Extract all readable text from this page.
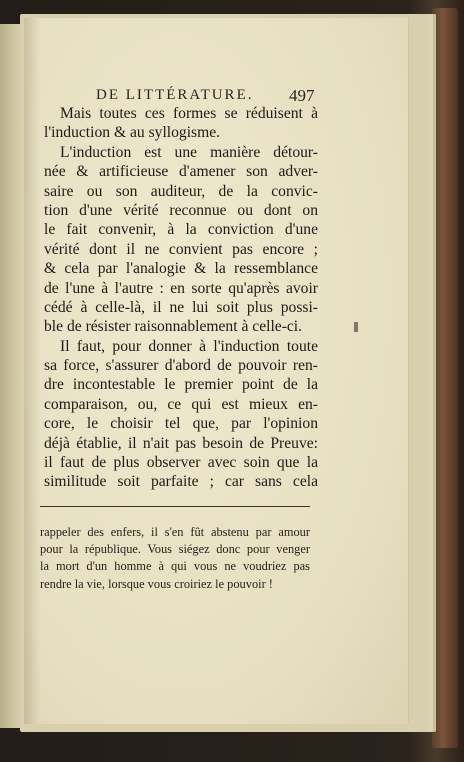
DE LITTÉRATURE.	497
Mais toutes ces formes se réduisent à
l'induction & au syllogisme.
L'induction est une manière détour-
née & artificieuse d'amener son adver-
saire ou son auditeur, de la convic-
tion d'une vérité reconnue ou dont on
le fait convenir, à la conviction d'une
vérité dont il ne convient pas encore ;
& cela par l'analogie & la ressemblance
de l'une à l'autre : en sorte qu'après avoir
cédé à celle-là, il ne lui soit plus possi-
ble de résister raisonnablement à celle-ci.
Il faut, pour donner à l'induction toute
sa force, s'assurer d'abord de pouvoir ren-
dre incontestable le premier point de la
comparaison, ou, ce qui est mieux en-
core, le choisir tel que, par l'opinion
déjà établie, il n'ait pas besoin de Preuve:
il faut de plus observer avec soin que la
similitude soit parfaite ; car sans cela
rappeler des enfers, il s'en fût abstenu par amour
pour la république. Vous siégez donc pour venger
la mort d'un homme à qui vous ne voudriez pas
rendre la vie, lorsque vous croiriez le pouvoir !
